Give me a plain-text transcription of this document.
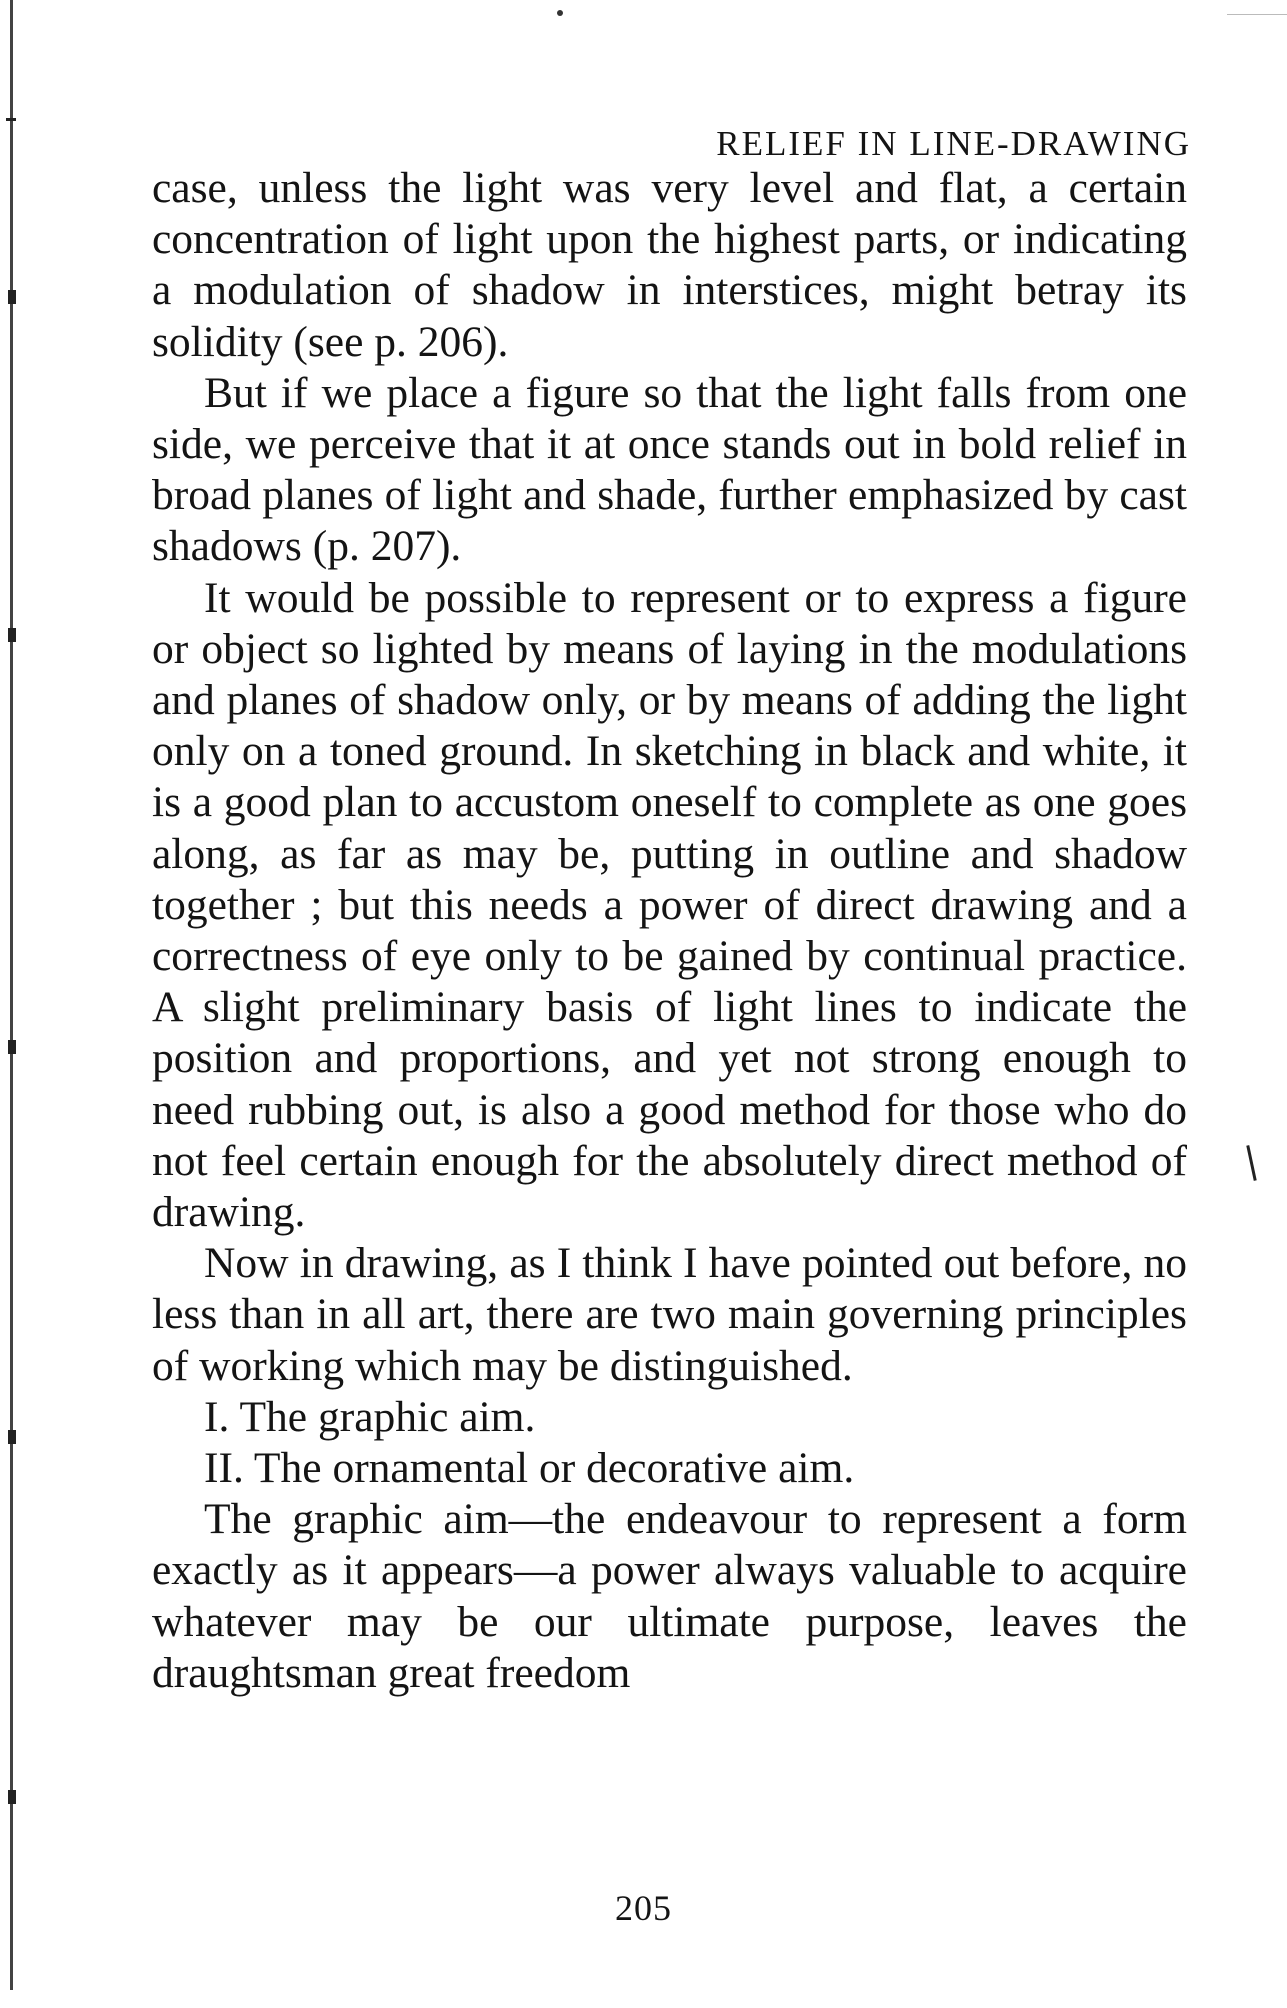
RELIEF IN LINE-DRAWING

case, unless the light was very level and flat, a certain concentration of light upon the highest parts, or indicating a modulation of shadow in interstices, might betray its solidity (see p. 206).

But if we place a figure so that the light falls from one side, we perceive that it at once stands out in bold relief in broad planes of light and shade, further emphasized by cast shadows (p. 207).

It would be possible to represent or to express a figure or object so lighted by means of laying in the modulations and planes of shadow only, or by means of adding the light only on a toned ground. In sketching in black and white, it is a good plan to accustom oneself to complete as one goes along, as far as may be, putting in outline and shadow together ; but this needs a power of direct drawing and a correctness of eye only to be gained by continual practice. A slight preliminary basis of light lines to indicate the position and proportions, and yet not strong enough to need rubbing out, is also a good method for those who do not feel certain enough for the absolutely direct method of drawing.

Now in drawing, as I think I have pointed out before, no less than in all art, there are two main governing principles of working which may be distinguished.

I. The graphic aim.

II. The ornamental or decorative aim.

The graphic aim—the endeavour to represent a form exactly as it appears—a power always valuable to acquire whatever may be our ultimate purpose, leaves the draughtsman great freedom

205
